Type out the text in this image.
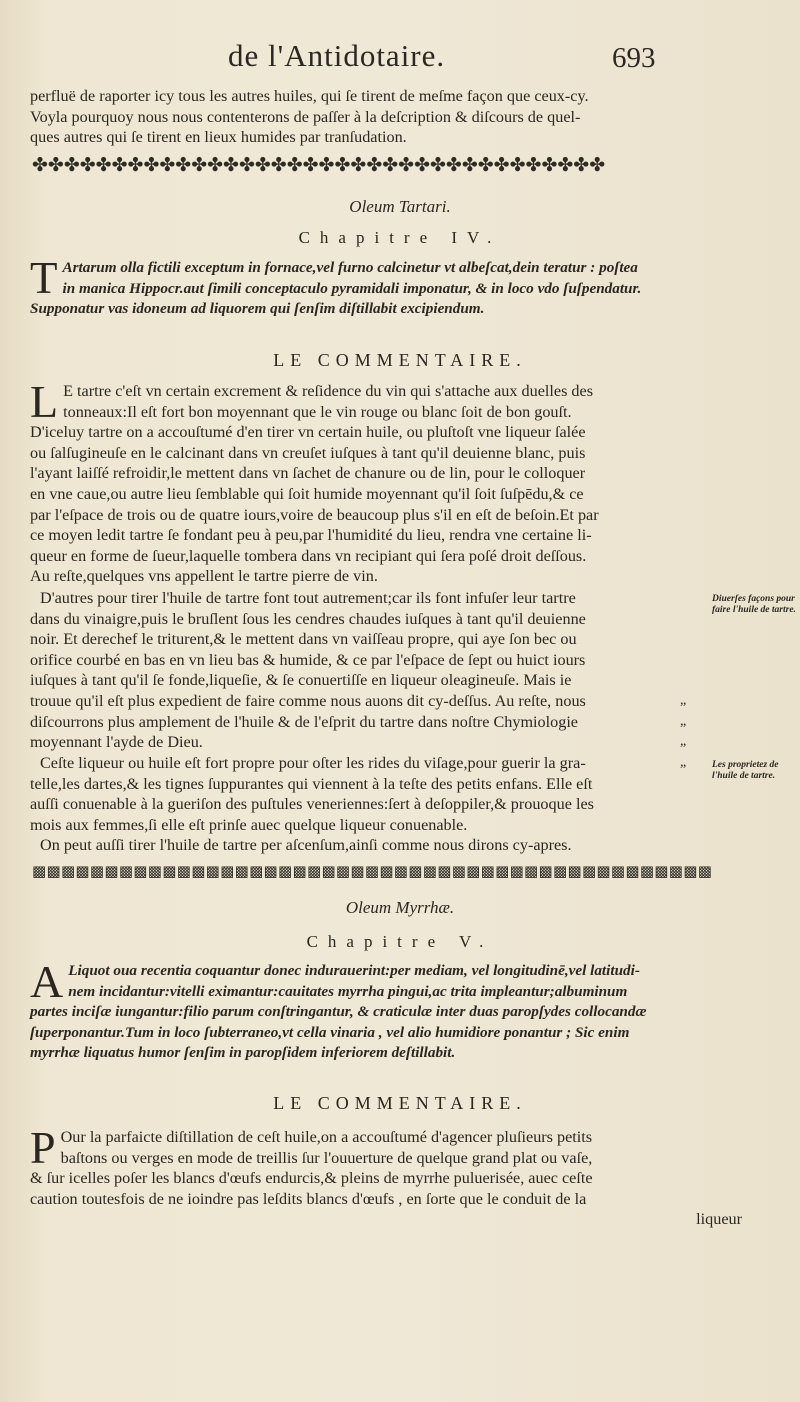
de l'Antidotaire.	693

perfluë de raporter icy tous les autres huiles, qui ſe tirent de meſme façon que ceux-cy.

Voyla pourquoy nous nous contenterons de paſſer à la deſcription & diſcours de quel-

ques autres qui ſe tirent en lieux humides par tranſudation.

✤✤✤✤✤✤✤✤✤✤✤✤✤✤✤✤✤✤✤✤✤✤✤✤✤✤✤✤✤✤✤✤✤✤✤✤
Oleum Tartari.
Chapitre IV.
T Artarum olla fictili exceptum in fornace,vel furno calcinetur vt albeſcat,dein teratur : poſtea
in manica Hippocr.aut ſimili conceptaculo pyramidali imponatur, & in loco vdo ſuſpendatur.
Supponatur vas idoneum ad liquorem qui ſenſim diſtillabit excipiendum.
LE COMMENTAIRE.
L E tartre c'eſt vn certain excrement & reſidence du vin qui s'attache aux duelles des

tonneaux:Il eſt fort bon moyennant que le vin rouge ou blanc ſoit de bon gouſt.

D'iceluy tartre on a accouſtumé d'en tirer vn certain huile, ou pluſtoſt vne liqueur ſalée

ou ſalſugineuſe en le calcinant dans vn creuſet iuſques à tant qu'il deuienne blanc, puis

l'ayant laiſſé refroidir,le mettent dans vn ſachet de chanure ou de lin, pour le colloquer

en vne caue,ou autre lieu ſemblable qui ſoit humide moyennant qu'il ſoit ſuſpēdu,& ce

par l'eſpace de trois ou de quatre iours,voire de beaucoup plus s'il en eſt de beſoin.Et par

ce moyen ledit tartre ſe fondant peu à peu,par l'humidité du lieu, rendra vne certaine li-

queur en forme de ſueur,laquelle tombera dans vn recipiant qui ſera poſé droit deſſous.

Au reſte,quelques vns appellent le tartre pierre de vin.

D'autres pour tirer l'huile de tartre font tout autrement;car ils font infuſer leur tartre

dans du vinaigre,puis le bruſlent ſous les cendres chaudes iuſques à tant qu'il deuienne

noir. Et derechef le triturent,& le mettent dans vn vaiſſeau propre, qui aye ſon bec ou

orifice courbé en bas en vn lieu bas & humide, & ce par l'eſpace de ſept ou huict iours

iuſques à tant qu'il ſe fonde,liqueſie, & ſe conuertiſſe en liqueur oleagineuſe. Mais ie

trouue qu'il eſt plus expedient de faire comme nous auons dit cy-deſſus. Au reſte, nous

diſcourrons plus amplement de l'huile & de l'eſprit du tartre dans noſtre Chymiologie

moyennant l'ayde de Dieu.

„
„
„
„
Diuerſes façons pour faire l'huile de tartre.

Ceſte liqueur ou huile eſt fort propre pour oſter les rides du viſage,pour guerir la gra-

telle,les dartes,& les tignes ſuppurantes qui viennent à la teſte des petits enfans. Elle eſt

auſſi conuenable à la gueriſon des puſtules veneriennes:ſert à deſoppiler,& prouoque les

mois aux femmes,ſi elle eſt prinſe auec quelque liqueur conuenable.

On peut auſſi tirer l'huile de tartre per aſcenſum,ainſi comme nous dirons cy-apres.

Les proprietez de l'huile de tartre.
▩▩▩▩▩▩▩▩▩▩▩▩▩▩▩▩▩▩▩▩▩▩▩▩▩▩▩▩▩▩▩▩▩▩▩▩▩▩▩▩▩▩▩▩▩▩▩
Oleum Myrrhæ.
Chapitre V.
A Liquot oua recentia coquantur donec indurauerint:per mediam, vel longitudinē,vel latitudi-
nem incidantur:vitelli eximantur:cauitates myrrha pingui,ac trita impleantur;albuminum
partes inciſæ iungantur:filio parum conſtringantur, & craticulæ inter duas paropſydes collocandæ
ſuperponantur.Tum in loco ſubterraneo,vt cella vinaria , vel alio humidiore ponantur ; Sic enim
myrrhæ liquatus humor ſenſim in paropſidem inferiorem deſtillabit.
LE COMMENTAIRE.
P Our la parfaicte diſtillation de ceſt huile,on a accouſtumé d'agencer pluſieurs petits

baſtons ou verges en mode de treillis ſur l'ouuerture de quelque grand plat ou vaſe,

& ſur icelles poſer les blancs d'œufs endurcis,& pleins de myrrhe puluerisée, auec ceſte

caution toutesfois de ne ioindre pas leſdits blancs d'œufs , en ſorte que le conduit de la

liqueur
